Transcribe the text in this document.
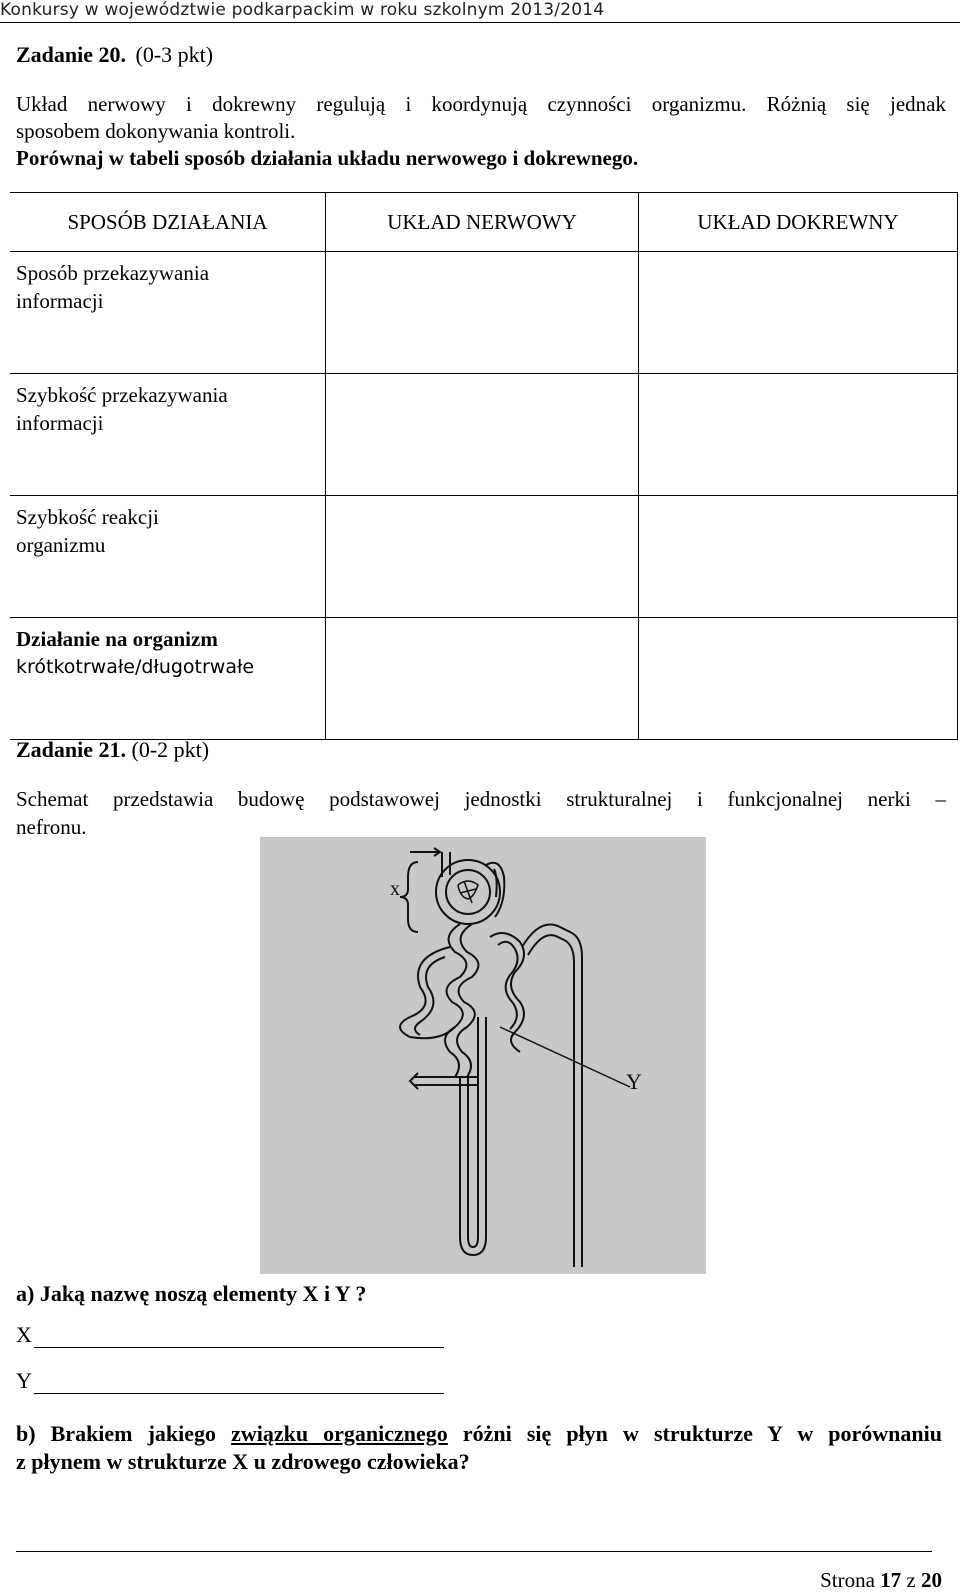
Konkursy w województwie podkarpackim w roku szkolnym 2013/2014
Zadanie 20. (0-3 pkt)
Układ nerwowy i dokrewny regulują i koordynują czynności organizmu. Różnią się jednak
sposobem dokonywania kontroli.
Porównaj w tabeli sposób działania układu nerwowego i dokrewnego.
SPOSÓB DZIAŁANIA	UKŁAD NERWOWY	UKŁAD DOKREWNY

Sposób przekazywania
informacji		

Szybkość przekazywania
informacji		

Szybkość reakcji
organizmu		

Działanie na organizm
krótkotrwałe/długotrwałe		

Zadanie 21. (0-2 pkt)
Schemat przedstawia budowę podstawowej jednostki strukturalnej i funkcjonalnej nerki –
nefronu.
x
Y
a) Jaką nazwę noszą elementy X i Y ?
X
Y
b) Brakiem jakiego związku organicznego różni się płyn w strukturze Y w porównaniu
z płynem w strukturze X u zdrowego człowieka?
Strona 17 z 20
